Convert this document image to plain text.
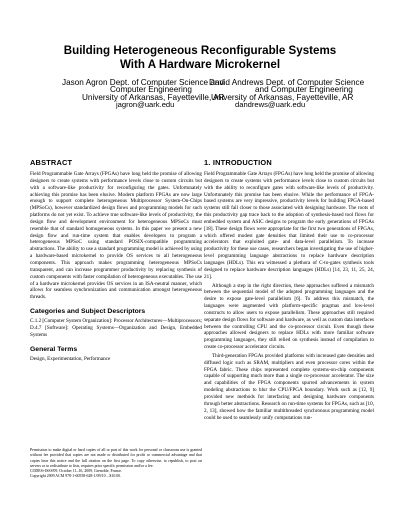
Building Heterogeneous Reconfigurable Systems
With A Hardware Microkernel
Jason Agron Dept. of Computer Science and
Computer Engineering
University of Arkansas, Fayetteville, AR
jagron@uark.edu
David Andrews Dept. of Computer Science
and Computer Engineering
University of Arkansas, Fayetteville, AR
dandrews@uark.edu
ABSTRACT

Field Programmable Gate Arrays (FPGAs) have long held the promise of allowing designers to create systems with performance levels close to custom circuits but with a software-like productivity for reconfiguring the gates. Unfortunately achieving this promise has been elusive. Modern platform FPGAs are now large enough to support complete heterogeneous Multiprocessor System-On-Chips (MPSoCs), however standardized design flows and programming models for such platforms do not yet exist. To achieve true software-like levels of productivity, the design flow and development environment for heterogeneous MPSoCs must resemble that of standard homogeneous systems. In this paper we present a new design flow and run-time system that enables developers to program a heterogeneous MPSoC using standard POSIX-compatible programming abstractions. The ability to use a standard programming model is achieved by using a hardware-based microkernel to provide OS services to all heterogeneous components. This approach makes programming heterogeneous MPSoCs transparent, and can increase programmer productivity by replacing synthesis of custom components with faster compilation of heterogeneous executables. The use of a hardware microkernel provides OS services in an ISA-neutral manner, which allows for seamless synchronization and communication amongst heterogeneous threads.

Categories and Subject Descriptors

C.1.2 [Computer System Organization]: Processor Architectures—Multiprocessors; D.4.7 [Software]: Operating Systems—Organization and Design, Embedded Systems

General Terms

Design, Experimentation, Performance

Permission to make digital or hard copies of all or part of this work for personal or classroom use is granted without fee provided that copies are not made or distributed for profit or commercial advantage and that copies bear this notice and the full citation on the first page. To copy otherwise, to republish, to post on servers or to redistribute to lists, requires prior specific permission and/or a fee.

CODES+ISSS'09, October 11–16, 2009, Grenoble, France.

Copyright 2009 ACM 978-1-60558-628-1/09/10 ...$10.00.

1. INTRODUCTION

Field Programmable Gate Arrays (FPGAs) have long held the promise of allowing designers to create systems with performance levels close to custom circuits but with the ability to reconfigure gates with software-like levels of productivity. Unfortunately this promise has been elusive. While the performance of FPGA-based systems are very impressive, productivity levels for building FPGA-based systems still fall closer to those associated with designing hardware. The roots of this productivity gap trace back to the adoption of synthesis-based tool flows for embedded system and ASIC designs to program the early generations of FPGAs [18]. These design flows were appropriate for the first two generations of FPGAs, which offered modest gate densities that limited their use to co-processor accelerators that exploited gate- and data-level parallelism. To increase productivity for these use cases, researchers began investigating the use of higher-level programming language abstractions to replace hardware description languages (HDLs). This era witnessed a plethora of C-to-gates synthesis tools designed to replace hardware description languages (HDLs) [14, 23, 11, 25, 24, 21].

Although a step in the right direction, these approaches suffered a mismatch between the sequential model of the adopted programming languages and the desire to expose gate-level parallelism [6]. To address this mismatch, the languages were augmented with platform-specific pragmas and low-level constructs to allow users to expose parallelism. These approaches still required separate design flows for software and hardware, as well as custom data interfaces between the controlling CPU and the co-processor circuit. Even though these approaches allowed designers to replace HDLs with more familiar software programming languages, they still relied on synthesis instead of compilation to create co-processor accelerator circuits.

Third-generation FPGAs provided platforms with increased gate densities and diffused logic such as SRAM, multipliers and even processor cores within the FPGA fabric. These chips represented complete systems-on-chip components capable of supporting much more than a single co-processor accelerator. The size and capabilities of the FPGA components spurred advancements in system modeling abstractions to blur the CPU/FPGA boundary. Work such as [12, 9] provided new methods for interfacing and designing hardware components through better abstractions. Research on run-time systems for FPGAs, such as [10, 2, 13], showed how the familiar multithreaded synchronous programming model could be used to seamlessly unify computations run-
